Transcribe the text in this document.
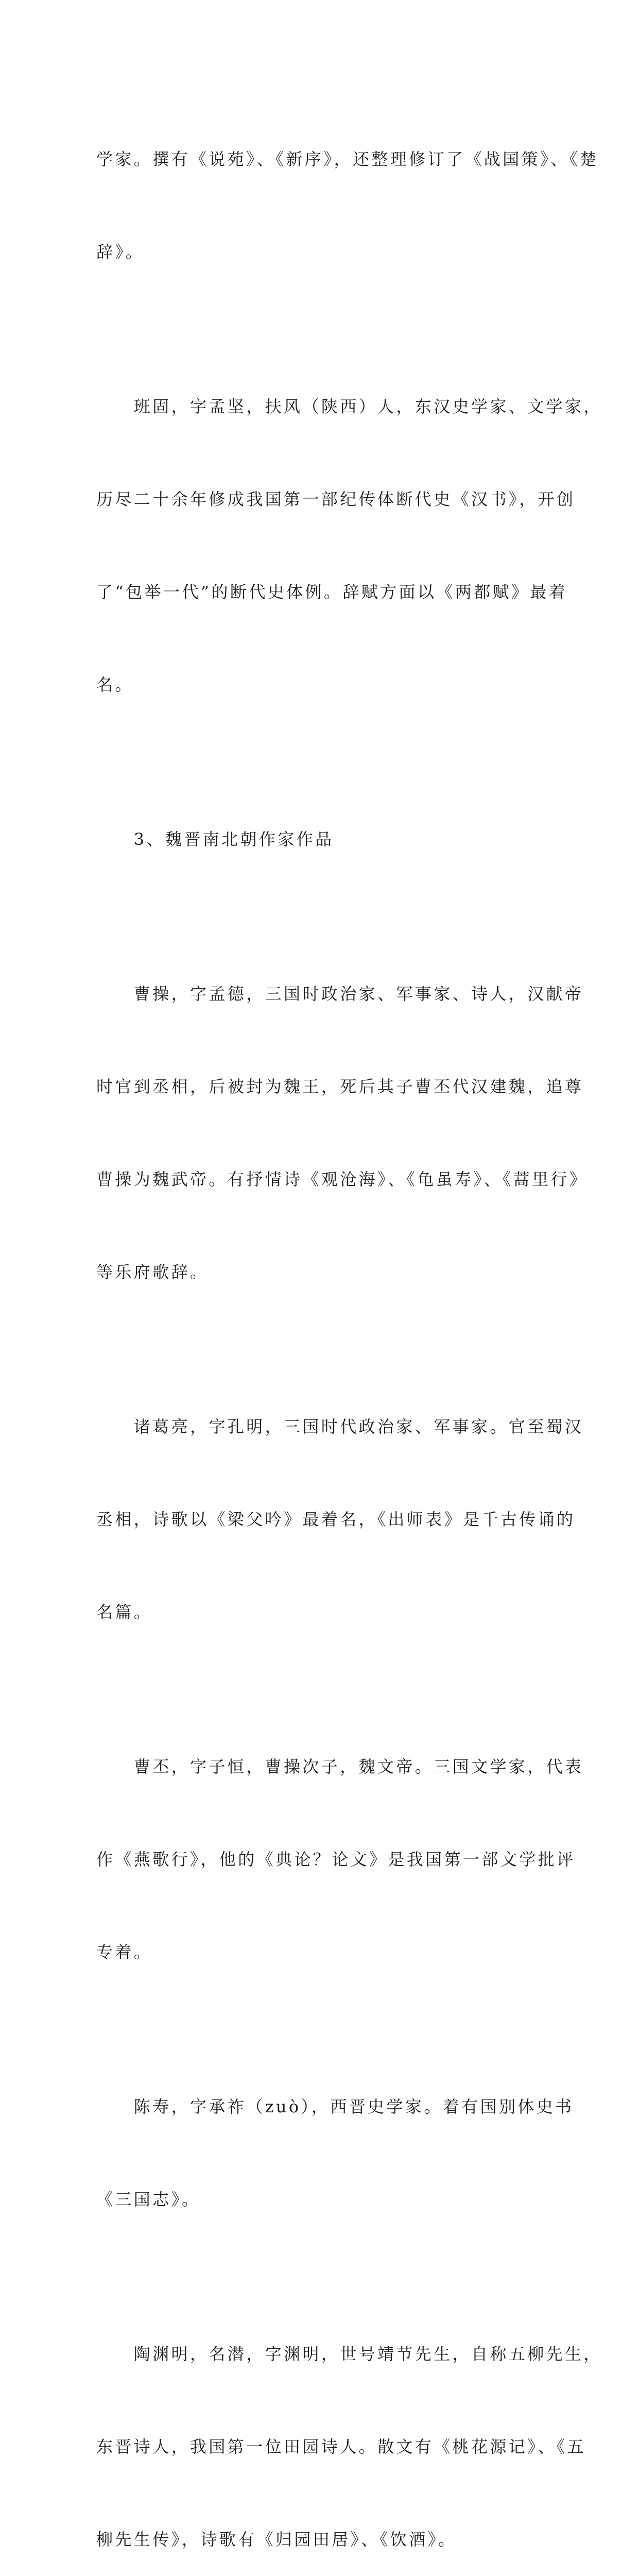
学家。撰有《说苑》、《新序》，还整理修订了《战国策》、《楚

辞》。

　　班固，字孟坚，扶风（陕西）人，东汉史学家、文学家，

历尽二十余年修成我国第一部纪传体断代史《汉书》，开创

了“包举一代”的断代史体例。辞赋方面以《两都赋》最着

名。

　　3、魏晋南北朝作家作品

　　曹操，字孟德，三国时政治家、军事家、诗人，汉献帝

时官到丞相，后被封为魏王，死后其子曹丕代汉建魏，追尊

曹操为魏武帝。有抒情诗《观沧海》、《龟虽寿》、《蒿里行》

等乐府歌辞。

　　诸葛亮，字孔明，三国时代政治家、军事家。官至蜀汉

丞相，诗歌以《梁父吟》最着名，《出师表》是千古传诵的

名篇。

　　曹丕，字子恒，曹操次子，魏文帝。三国文学家，代表

作《燕歌行》，他的《典论？论文》是我国第一部文学批评

专着。

　　陈寿，字承祚（zuò），西晋史学家。着有国别体史书

《三国志》。

　　陶渊明，名潜，字渊明，世号靖节先生，自称五柳先生，

东晋诗人，我国第一位田园诗人。散文有《桃花源记》、《五

柳先生传》，诗歌有《归园田居》、《饮酒》。
